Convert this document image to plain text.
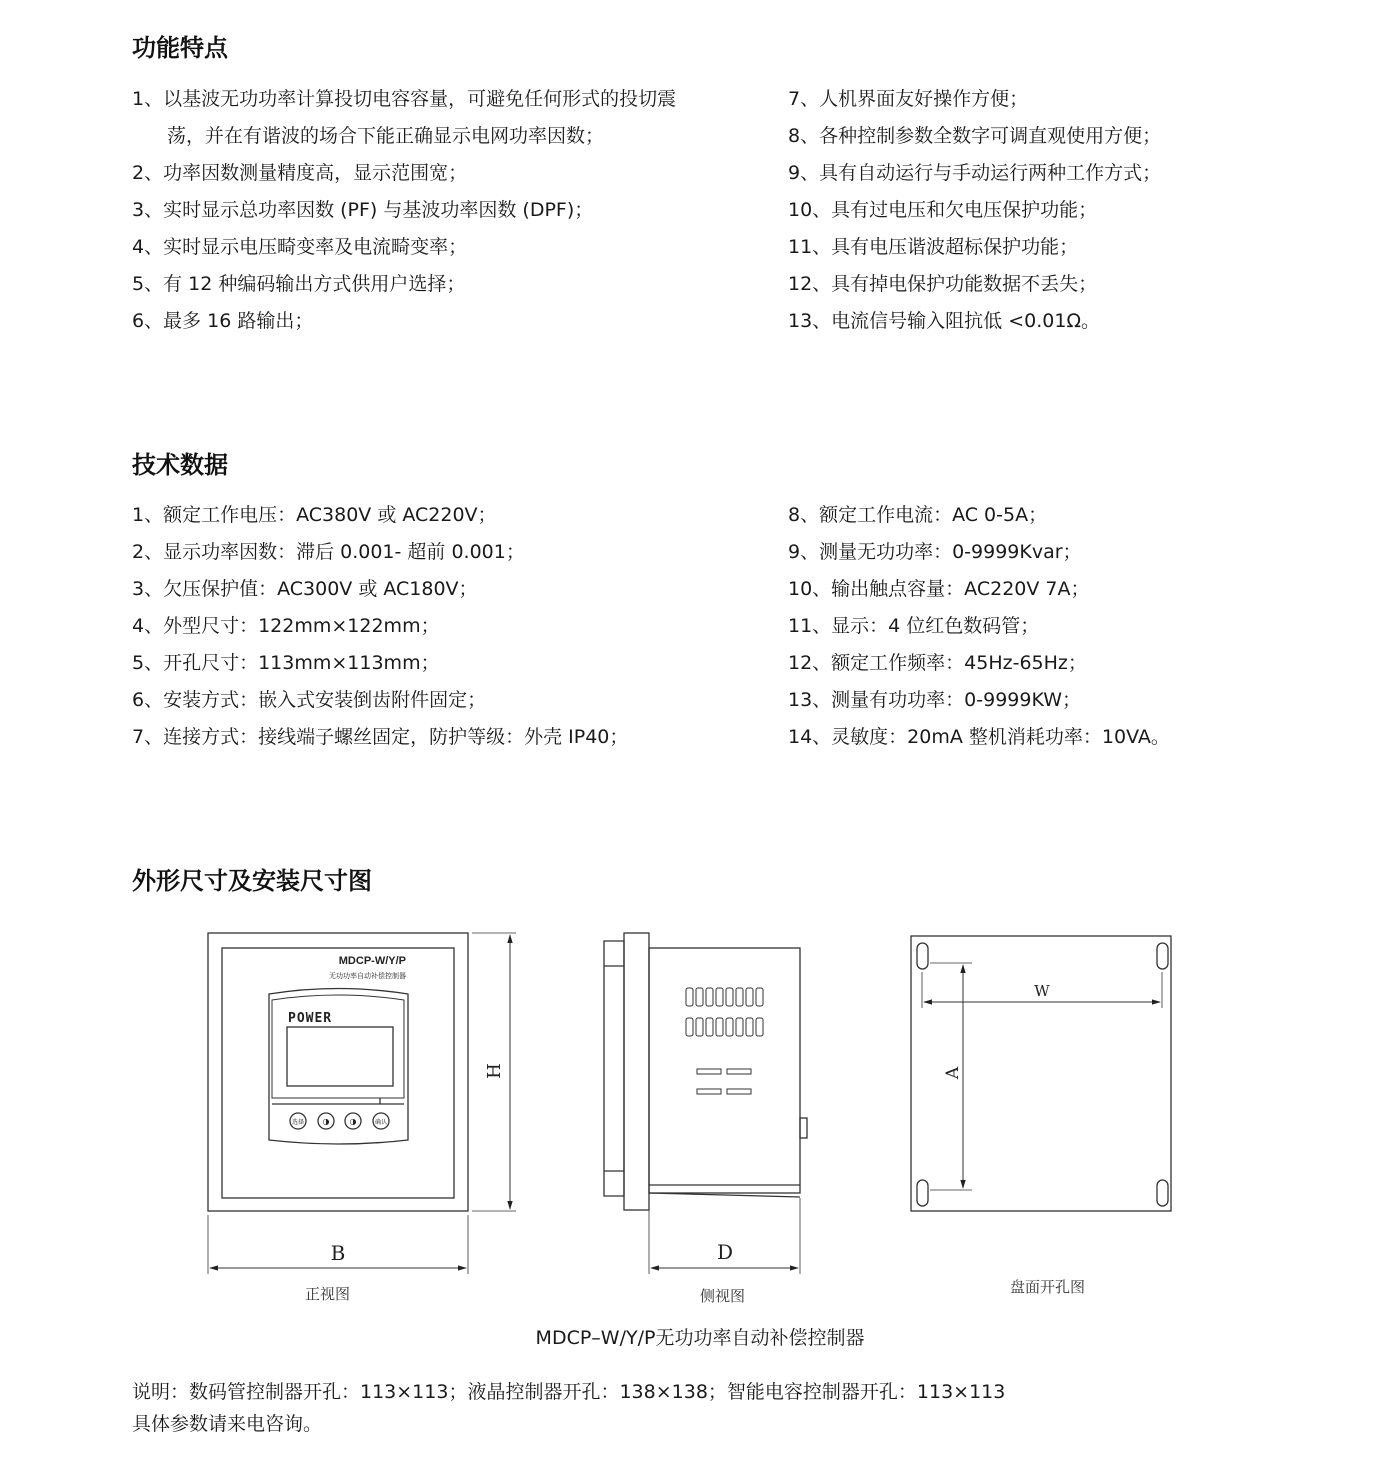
功能特点
1、以基波无功功率计算投切电容容量，可避免任何形式的投切震
荡，并在有谐波的场合下能正确显示电网功率因数；
2、功率因数测量精度高，显示范围宽；
3、实时显示总功率因数 (PF) 与基波功率因数 (DPF)；
4、实时显示电压畸变率及电流畸变率；
5、有 12 种编码输出方式供用户选择；
6、最多 16 路输出；
7、人机界面友好操作方便；
8、各种控制参数全数字可调直观使用方便；
9、具有自动运行与手动运行两种工作方式；
10、具有过电压和欠电压保护功能；
11、具有电压谐波超标保护功能；
12、具有掉电保护功能数据不丢失；
13、电流信号输入阻抗低 <0.01Ω。
技术数据
1、额定工作电压：AC380V 或 AC220V；
2、显示功率因数：滞后 0.001- 超前 0.001；
3、欠压保护值：AC300V 或 AC180V；
4、外型尺寸：122mm×122mm；
5、开孔尺寸：113mm×113mm；
6、安装方式：嵌入式安装倒齿附件固定；
7、连接方式：接线端子螺丝固定，防护等级：外壳 IP40；
8、额定工作电流：AC 0-5A；
9、测量无功功率：0-9999Kvar；
10、输出触点容量：AC220V 7A；
11、显示：4 位红色数码管；
12、额定工作频率：45Hz-65Hz；
13、测量有功功率：0-9999KW；
14、灵敏度：20mA 整机消耗功率：10VA。
外形尺寸及安装尺寸图
MDCP-W/Y/P
无功功率自动补偿控制器
POWER
选择 ◑	◑	确认
H
B	D
W
A
正视图	侧视图	盘面开孔图
MDCP–W/Y/P无功功率自动补偿控制器

说明：数码管控制器开孔：113×113；液晶控制器开孔：138×138；智能电容控制器开孔：113×113

具体参数请来电咨询。
